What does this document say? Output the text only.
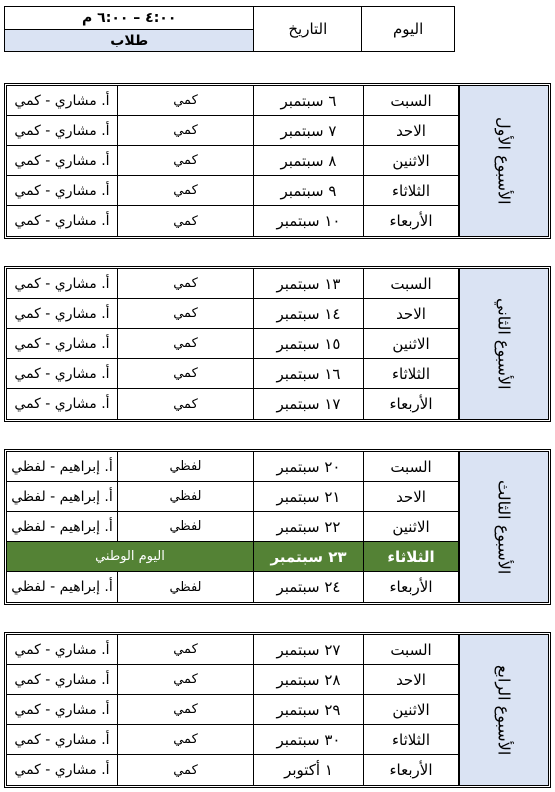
٤:٠٠ – ٦:٠٠ م
طلاب
التاريخ	اليوم
أ. مشاري - كمي	كمي	٦ سبتمبر	السبت
أ. مشاري - كمي	كمي	٧ سبتمبر	الاحد
أ. مشاري - كمي	كمي	٨ سبتمبر	الاثنين
أ. مشاري - كمي	كمي	٩ سبتمبر	الثلاثاء
أ. مشاري - كمي	كمي	١٠ سبتمبر	الأربعاء
الأسبوع الأول
أ. مشاري - كمي	كمي	١٣ سبتمبر	السبت
أ. مشاري - كمي	كمي	١٤ سبتمبر	الاحد
أ. مشاري - كمي	كمي	١٥ سبتمبر	الاثنين
أ. مشاري - كمي	كمي	١٦ سبتمبر	الثلاثاء
أ. مشاري - كمي	كمي	١٧ سبتمبر	الأربعاء
الأسبوع الثاني
أ. إبراهيم - لفظي	لفظي	٢٠ سبتمبر	السبت
أ. إبراهيم - لفظي	لفظي	٢١ سبتمبر	الاحد
أ. إبراهيم - لفظي	لفظي	٢٢ سبتمبر	الاثنين
اليوم الوطني	٢٣ سبتمبر	الثلاثاء
أ. إبراهيم - لفظي	لفظي	٢٤ سبتمبر	الأربعاء
الأسبوع الثالث
أ. مشاري - كمي	كمي	٢٧ سبتمبر	السبت
أ. مشاري - كمي	كمي	٢٨ سبتمبر	الاحد
أ. مشاري - كمي	كمي	٢٩ سبتمبر	الاثنين
أ. مشاري - كمي	كمي	٣٠ سبتمبر	الثلاثاء
أ. مشاري - كمي	كمي	١ أكتوبر	الأربعاء
الأسبوع الرابع
